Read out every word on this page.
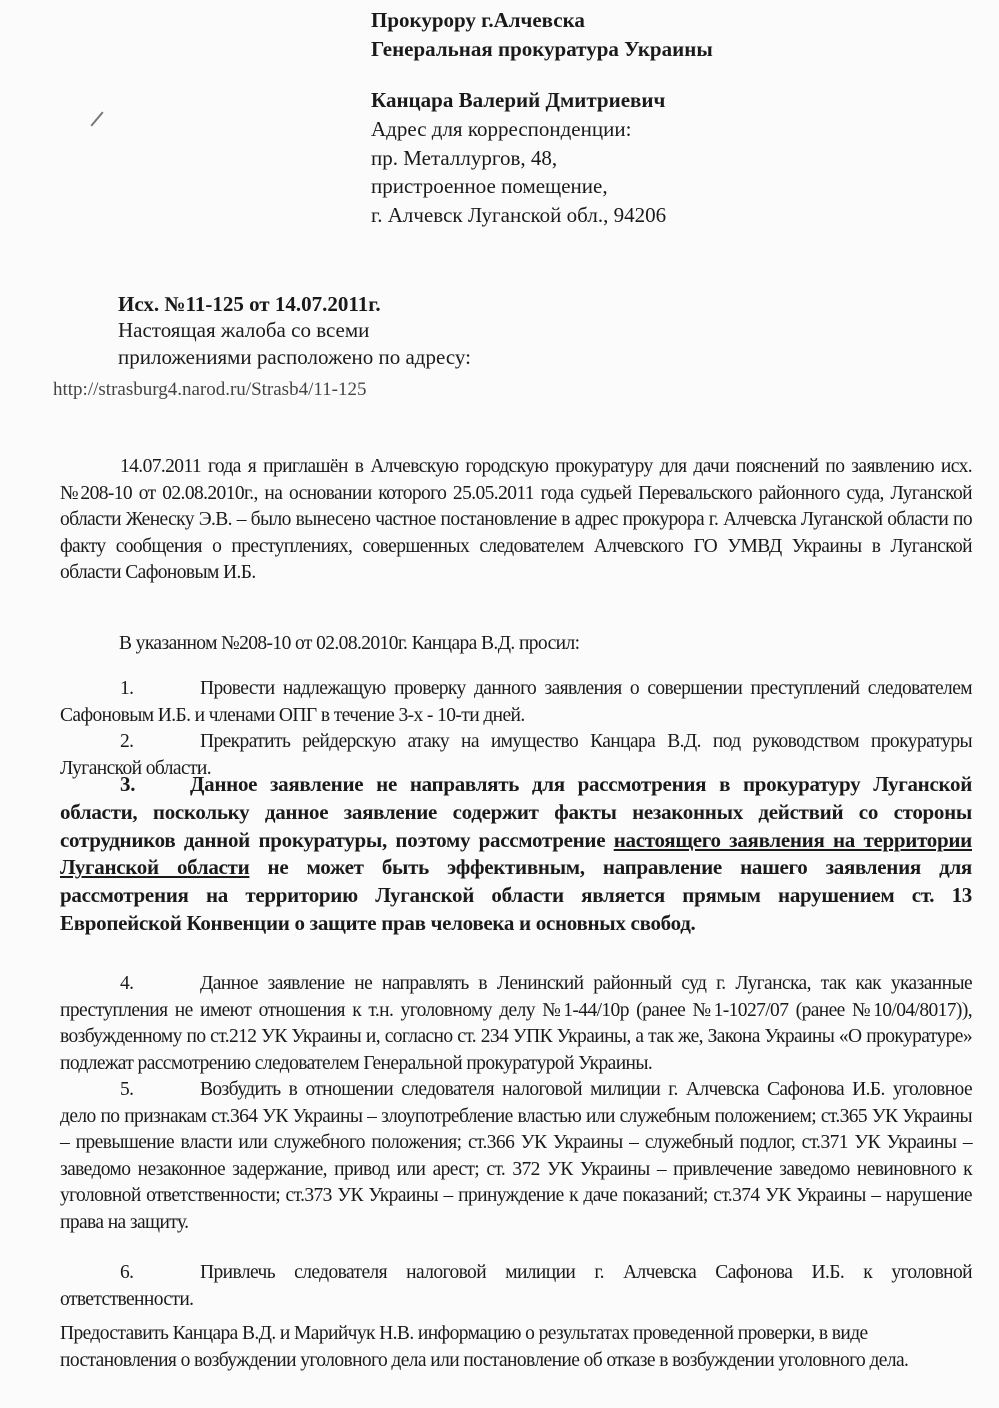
Прокурору г.Алчевска
Генеральная прокуратура Украины
Канцара Валерий Дмитриевич
Адрес для корреспонденции:
пр. Металлургов, 48,
пристроенное помещение,
г. Алчевск Луганской обл., 94206
Исх. №11-125 от 14.07.2011г.
Настоящая жалоба со всеми
приложениями расположено по адресу:
http://strasburg4.narod.ru/Strasb4/11-125
14.07.2011 года я приглашён в Алчевскую городскую прокуратуру для дачи пояснений по заявлению исх. №208-10 от 02.08.2010г., на основании которого 25.05.2011 года судьей Перевальского районного суда, Луганской области Женеску Э.В. – было вынесено частное постановление в адрес прокурора г. Алчевска Луганской области по факту сообщения о преступлениях, совершенных следователем Алчевского ГО УМВД Украины в Луганской области Сафоновым И.Б.
В указанном №208-10 от 02.08.2010г. Канцара В.Д. просил:
1.	Провести надлежащую проверку данного заявления о совершении преступлений следователем Сафоновым И.Б. и членами ОПГ в течение 3-х - 10-ти дней.
2.	Прекратить рейдерскую атаку на имущество Канцара В.Д. под руководством прокуратуры Луганской области.
3.	Данное заявление не направлять для рассмотрения в прокуратуру Луганской области, поскольку данное заявление содержит факты незаконных действий со стороны сотрудников данной прокуратуры, поэтому рассмотрение настоящего заявления на территории Луганской области не может быть эффективным, направление нашего заявления для рассмотрения на территорию Луганской области является прямым нарушением ст. 13 Европейской Конвенции о защите прав человека и основных свобод.
4.	Данное заявление не направлять в Ленинский районный суд г. Луганска, так как указанные преступления не имеют отношения к т.н. уголовному делу №1-44/10р (ранее №1-1027/07 (ранее №10/04/8017)), возбужденному по ст.212 УК Украины и, согласно ст. 234 УПК Украины, а так же, Закона Украины «О прокуратуре» подлежат рассмотрению следователем Генеральной прокуратурой Украины.
5.	Возбудить в отношении следователя налоговой милиции г. Алчевска Сафонова И.Б. уголовное дело по признакам ст.364 УК Украины – злоупотребление властью или служебным положением; ст.365 УК Украины – превышение власти или служебного положения; ст.366 УК Украины – служебный подлог, ст.371 УК Украины – заведомо незаконное задержание, привод или арест; ст. 372 УК Украины – привлечение заведомо невиновного к уголовной ответственности; ст.373 УК Украины – принуждение к даче показаний; ст.374 УК Украины – нарушение права на защиту.
6.	Привлечь следователя налоговой милиции г. Алчевска Сафонова И.Б. к уголовной ответственности.
Предоставить Канцара В.Д. и Марийчук Н.В. информацию о результатах проведенной проверки, в виде постановления о возбуждении уголовного дела или постановление об отказе в возбуждении уголовного дела.
